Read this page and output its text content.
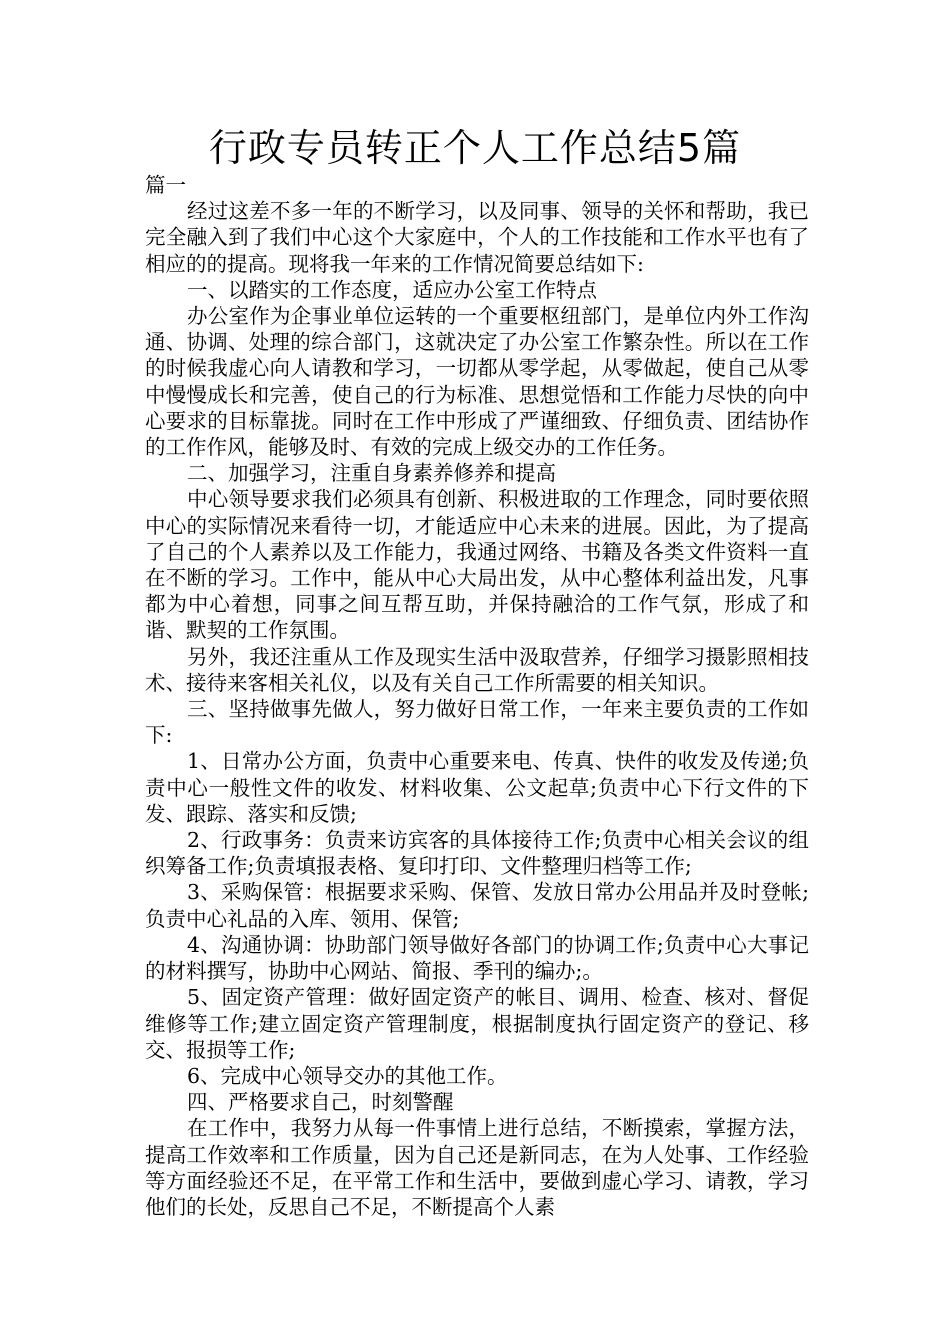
行政专员转正个人工作总结5篇

篇一

经过这差不多一年的不断学习，以及同事、领导的关怀和帮助，我已完全融入到了我们中心这个大家庭中，个人的工作技能和工作水平也有了相应的的提高。现将我一年来的工作情况简要总结如下:

一、以踏实的工作态度，适应办公室工作特点

办公室作为企事业单位运转的一个重要枢纽部门，是单位内外工作沟通、协调、处理的综合部门，这就决定了办公室工作繁杂性。所以在工作的时候我虚心向人请教和学习，一切都从零学起，从零做起，使自己从零中慢慢成长和完善，使自己的行为标准、思想觉悟和工作能力尽快的向中心要求的目标靠拢。同时在工作中形成了严谨细致、仔细负责、团结协作的工作作风，能够及时、有效的完成上级交办的工作任务。

二、加强学习，注重自身素养修养和提高

中心领导要求我们必须具有创新、积极进取的工作理念，同时要依照中心的实际情况来看待一切，才能适应中心未来的进展。因此，为了提高了自己的个人素养以及工作能力，我通过网络、书籍及各类文件资料一直在不断的学习。工作中，能从中心大局出发，从中心整体利益出发，凡事都为中心着想，同事之间互帮互助，并保持融洽的工作气氛，形成了和谐、默契的工作氛围。

另外，我还注重从工作及现实生活中汲取营养，仔细学习摄影照相技术、接待来客相关礼仪，以及有关自己工作所需要的相关知识。

三、坚持做事先做人，努力做好日常工作，一年来主要负责的工作如下:

1、日常办公方面，负责中心重要来电、传真、快件的收发及传递;负责中心一般性文件的收发、材料收集、公文起草;负责中心下行文件的下发、跟踪、落实和反馈;

2、行政事务：负责来访宾客的具体接待工作;负责中心相关会议的组织筹备工作;负责填报表格、复印打印、文件整理归档等工作;

3、采购保管：根据要求采购、保管、发放日常办公用品并及时登帐;负责中心礼品的入库、领用、保管;

4、沟通协调：协助部门领导做好各部门的协调工作;负责中心大事记的材料撰写，协助中心网站、简报、季刊的编办;。

5、固定资产管理：做好固定资产的帐目、调用、检查、核对、督促维修等工作;建立固定资产管理制度，根据制度执行固定资产的登记、移交、报损等工作;

6、完成中心领导交办的其他工作。

四、严格要求自己，时刻警醒

在工作中，我努力从每一件事情上进行总结，不断摸索，掌握方法，提高工作效率和工作质量，因为自己还是新同志，在为人处事、工作经验等方面经验还不足，在平常工作和生活中，要做到虚心学习、请教，学习他们的长处，反思自己不足，不断提高个人素
